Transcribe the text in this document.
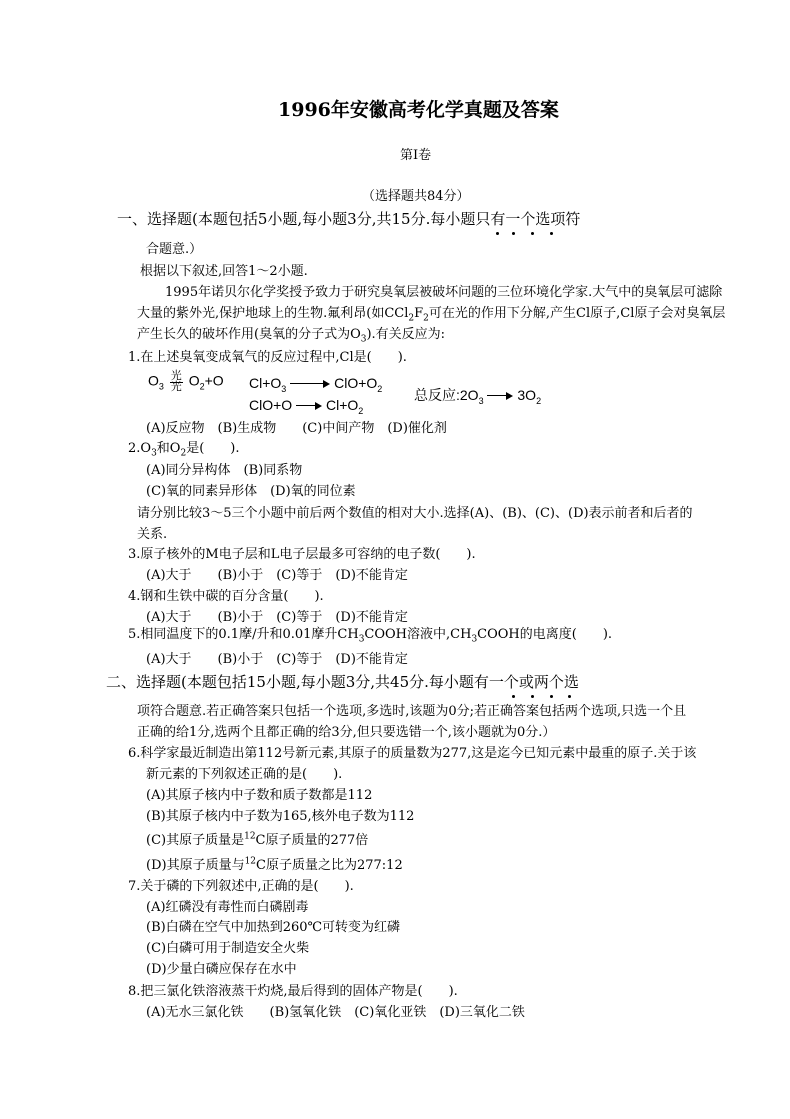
1996年安徽高考化学真题及答案
第I卷
（选择题共84分）
一、选择题(本题包括5小题,每小题3分,共15分.每小题只有一个选项符
合题意.）
根据以下叙述,回答1～2小题.
1995年诺贝尔化学奖授予致力于研究臭氧层被破坏问题的三位环境化学家.大气中的臭氧层可滤除
大量的紫外光,保护地球上的生物.氟利昂(如$CCl_2F_2$可在光的作用下分解,产生Cl原子,Cl原子会对臭氧层
产生长久的破坏作用(臭氧的分子式为$O_3$).有关反应为:
1.在上述臭氧变成氧气的反应过程中,Cl是(　　).
$O_3 \frac{\text{光}}{\text{光}} O_2+O$ $Cl+O_3$	$ClO+O_2$
ClO+O $Cl+O_2$
总反应$:2O_3$ $3O_2$
(A)反应物　(B)生成物　　(C)中间产物　(D)催化剂
$2.O_3$和$O_2$是(　　).
(A)同分异构体　(B)同系物
(C)氧的同素异形体　(D)氧的同位素
请分别比较3～5三个小题中前后两个数值的相对大小.选择(A)、(B)、(C)、(D)表示前者和后者的
关系.
3.原子核外的M电子层和L电子层最多可容纳的电子数(　　).
(A)大于　　(B)小于　(C)等于　(D)不能肯定
4.钢和生铁中碳的百分含量(　　).
(A)大于　　(B)小于　(C)等于　(D)不能肯定
5.相同温度下的0.1摩/升和0.01摩升$CH_3COOH$溶液中$,CH_3COOH$的电离度(　　).
(A)大于　　(B)小于　(C)等于　(D)不能肯定
二、选择题(本题包括15小题,每小题3分,共45分.每小题有一个或两个选
项符合题意.若正确答案只包括一个选项,多选时,该题为0分;若正确答案包括两个选项,只选一个且
正确的给1分,选两个且都正确的给3分,但只要选错一个,该小题就为0分.）
6.科学家最近制造出第112号新元素,其原子的质量数为277,这是迄今已知元素中最重的原子.关于该
新元素的下列叙述正确的是(　　).
(A)其原子核内中子数和质子数都是112
(B)其原子核内中子数为165,核外电子数为112
(C)其原子质量是$^{12}$C原子质量的277倍
(D)其原子质量与$^{12}$C原子质量之比为277:12
7.关于磷的下列叙述中,正确的是(　　).
(A)红磷没有毒性而白磷剧毒
(B)白磷在空气中加热到260℃可转变为红磷
(C)白磷可用于制造安全火柴
(D)少量白磷应保存在水中
8.把三氯化铁溶液蒸干灼烧,最后得到的固体产物是(　　).
(A)无水三氯化铁　　(B)氢氧化铁　(C)氧化亚铁　(D)三氧化二铁
